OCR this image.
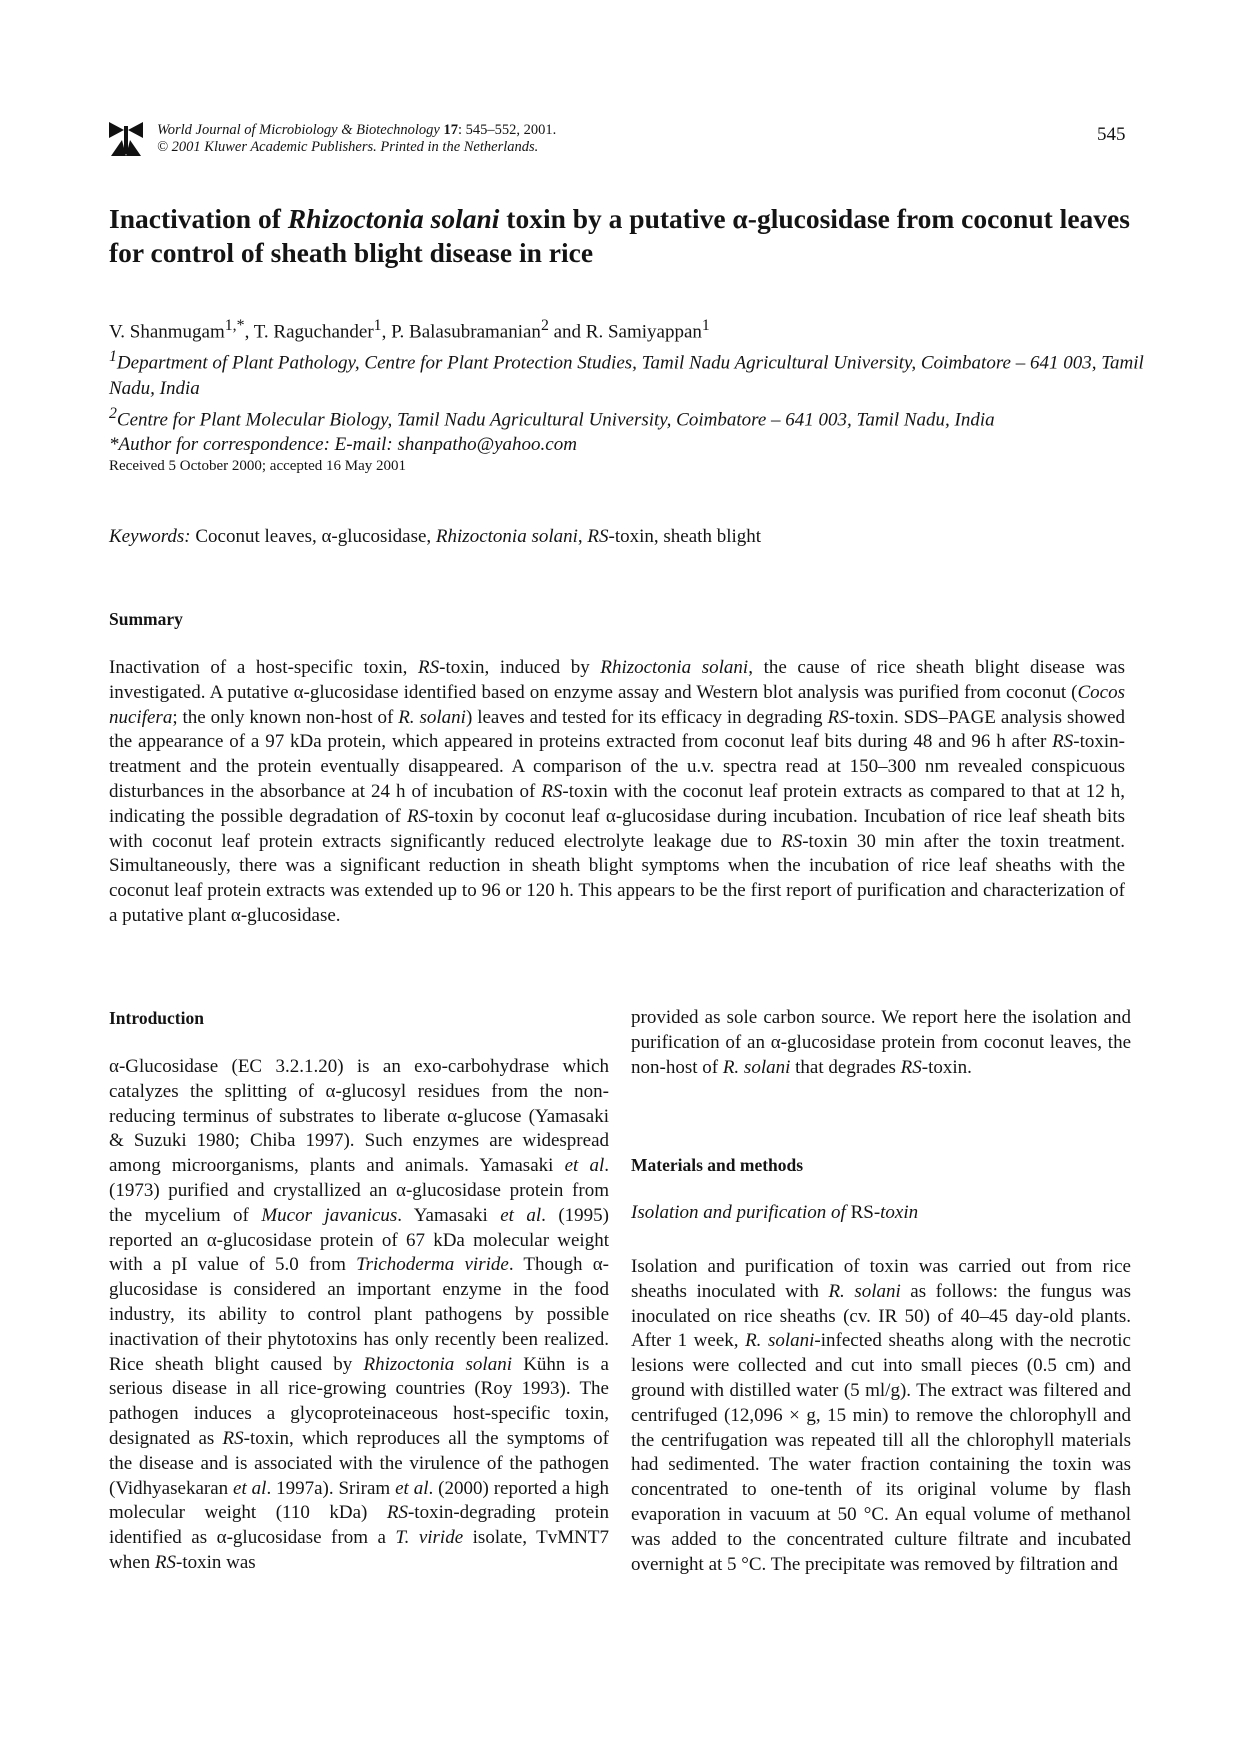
World Journal of Microbiology & Biotechnology 17: 545–552, 2001.
© 2001 Kluwer Academic Publishers. Printed in the Netherlands.
545
Inactivation of Rhizoctonia solani toxin by a putative α-glucosidase from coconut leaves for control of sheath blight disease in rice
V. Shanmugam$^{1,*}$, T. Raguchander$^1$, P. Balasubramanian$^2$ and R. Samiyappan$^1$
$^1$Department of Plant Pathology, Centre for Plant Protection Studies, Tamil Nadu Agricultural University, Coimbatore – 641 003, Tamil Nadu, India
$^2$Centre for Plant Molecular Biology, Tamil Nadu Agricultural University, Coimbatore – 641 003, Tamil Nadu, India
*Author for correspondence: E-mail: shanpatho@yahoo.com
Received 5 October 2000; accepted 16 May 2001
Keywords: Coconut leaves, α-glucosidase, Rhizoctonia solani, RS-toxin, sheath blight
Summary

Inactivation of a host-specific toxin, RS-toxin, induced by Rhizoctonia solani, the cause of rice sheath blight disease was investigated. A putative α-glucosidase identified based on enzyme assay and Western blot analysis was purified from coconut (Cocos nucifera; the only known non-host of R. solani) leaves and tested for its efficacy in degrading RS-toxin. SDS–PAGE analysis showed the appearance of a 97 kDa protein, which appeared in proteins extracted from coconut leaf bits during 48 and 96 h after RS-toxin-treatment and the protein eventually disappeared. A comparison of the u.v. spectra read at 150–300 nm revealed conspicuous disturbances in the absorbance at 24 h of incubation of RS-toxin with the coconut leaf protein extracts as compared to that at 12 h, indicating the possible degradation of RS-toxin by coconut leaf α-glucosidase during incubation. Incubation of rice leaf sheath bits with coconut leaf protein extracts significantly reduced electrolyte leakage due to RS-toxin 30 min after the toxin treatment. Simultaneously, there was a significant reduction in sheath blight symptoms when the incubation of rice leaf sheaths with the coconut leaf protein extracts was extended up to 96 or 120 h. This appears to be the first report of purification and characterization of a putative plant α-glucosidase.

Introduction

α-Glucosidase (EC 3.2.1.20) is an exo-carbohydrase which catalyzes the splitting of α-glucosyl residues from the non-reducing terminus of substrates to liberate α-glucose (Yamasaki & Suzuki 1980; Chiba 1997). Such enzymes are widespread among microorganisms, plants and animals. Yamasaki et al. (1973) purified and crystallized an α-glucosidase protein from the mycelium of Mucor javanicus. Yamasaki et al. (1995) reported an α-glucosidase protein of 67 kDa molecular weight with a pI value of 5.0 from Trichoderma viride. Though α-glucosidase is considered an important enzyme in the food industry, its ability to control plant pathogens by possible inactivation of their phytotoxins has only recently been realized. Rice sheath blight caused by Rhizoctonia solani Kühn is a serious disease in all rice-growing countries (Roy 1993). The pathogen induces a glycoproteinaceous host-specific toxin, designated as RS-toxin, which reproduces all the symptoms of the disease and is associated with the virulence of the pathogen (Vidhyasekaran et al. 1997a). Sriram et al. (2000) reported a high molecular weight (110 kDa) RS-toxin-degrading protein identified as α-glucosidase from a T. viride isolate, TvMNT7 when RS-toxin was

provided as sole carbon source. We report here the isolation and purification of an α-glucosidase protein from coconut leaves, the non-host of R. solani that degrades RS-toxin.

Materials and methods
Isolation and purification of RS-toxin

Isolation and purification of toxin was carried out from rice sheaths inoculated with R. solani as follows: the fungus was inoculated on rice sheaths (cv. IR 50) of 40–45 day-old plants. After 1 week, R. solani-infected sheaths along with the necrotic lesions were collected and cut into small pieces (0.5 cm) and ground with distilled water (5 ml/g). The extract was filtered and centrifuged (12,096 × g, 15 min) to remove the chlorophyll and the centrifugation was repeated till all the chlorophyll materials had sedimented. The water fraction containing the toxin was concentrated to one-tenth of its original volume by flash evaporation in vacuum at 50 °C. An equal volume of methanol was added to the concentrated culture filtrate and incubated overnight at 5 °C. The precipitate was removed by filtration and
